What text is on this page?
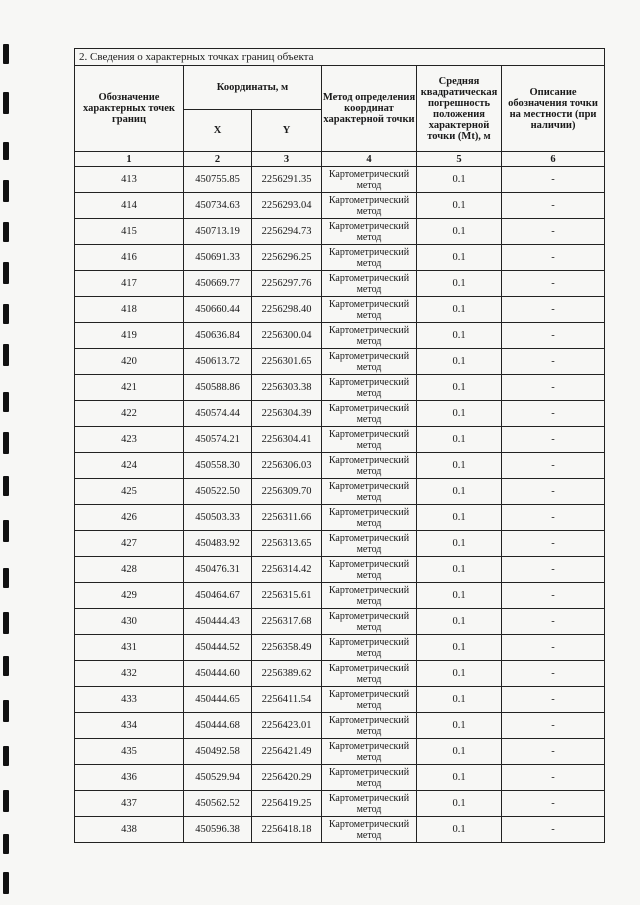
2. Сведения о характерных точках границ объекта					
Обозначение характерных точек границ	Координаты, м		Метод определения координат характерной точки	Средняя квадратическая погрешность положения характерной точки (Mt), м	Описание обозначения точки на местности (при наличии)
	X	Y			
1	2	3	4	5	6
413	450755.85	2256291.35	Картометрический метод	0.1	-
414	450734.63	2256293.04	Картометрический метод	0.1	-
415	450713.19	2256294.73	Картометрический метод	0.1	-
416	450691.33	2256296.25	Картометрический метод	0.1	-
417	450669.77	2256297.76	Картометрический метод	0.1	-
418	450660.44	2256298.40	Картометрический метод	0.1	-
419	450636.84	2256300.04	Картометрический метод	0.1	-
420	450613.72	2256301.65	Картометрический метод	0.1	-
421	450588.86	2256303.38	Картометрический метод	0.1	-
422	450574.44	2256304.39	Картометрический метод	0.1	-
423	450574.21	2256304.41	Картометрический метод	0.1	-
424	450558.30	2256306.03	Картометрический метод	0.1	-
425	450522.50	2256309.70	Картометрический метод	0.1	-
426	450503.33	2256311.66	Картометрический метод	0.1	-
427	450483.92	2256313.65	Картометрический метод	0.1	-
428	450476.31	2256314.42	Картометрический метод	0.1	-
429	450464.67	2256315.61	Картометрический метод	0.1	-
430	450444.43	2256317.68	Картометрический метод	0.1	-
431	450444.52	2256358.49	Картометрический метод	0.1	-
432	450444.60	2256389.62	Картометрический метод	0.1	-
433	450444.65	2256411.54	Картометрический метод	0.1	-
434	450444.68	2256423.01	Картометрический метод	0.1	-
435	450492.58	2256421.49	Картометрический метод	0.1	-
436	450529.94	2256420.29	Картометрический метод	0.1	-
437	450562.52	2256419.25	Картометрический метод	0.1	-
438	450596.38	2256418.18	Картометрический метод	0.1	-
